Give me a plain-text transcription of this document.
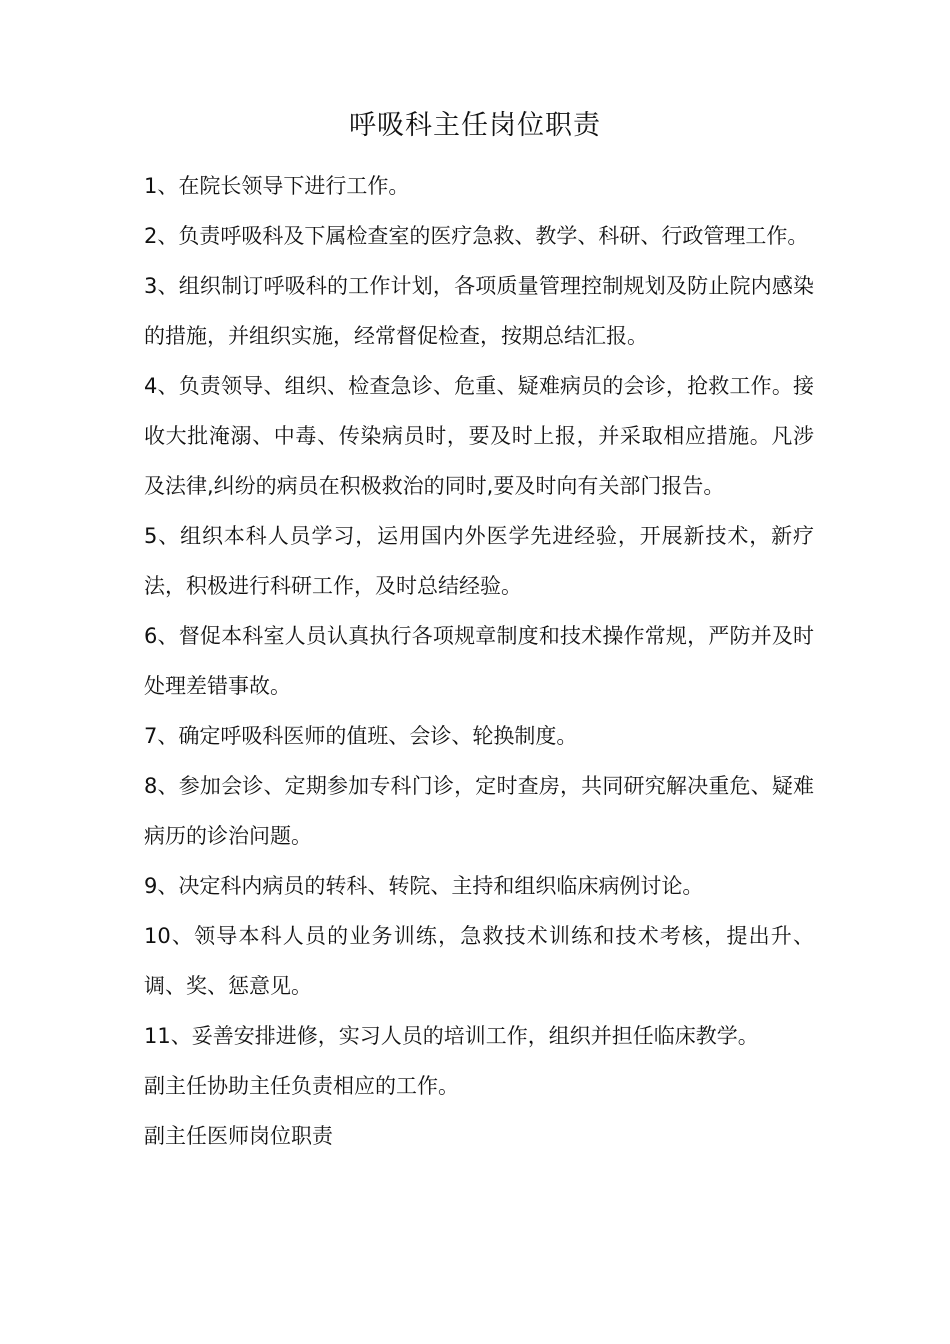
呼吸科主任岗位职责

1、在院长领导下进行工作。

2、负责呼吸科及下属检查室的医疗急救、教学、科研、行政管理工作。

3、组织制订呼吸科的工作计划，各项质量管理控制规划及防止院内感染的措施，并组织实施，经常督促检查，按期总结汇报。

4、负责领导、组织、检查急诊、危重、疑难病员的会诊，抢救工作。接收大批淹溺、中毒、传染病员时，要及时上报，并采取相应措施。凡涉及法律,纠纷的病员在积极救治的同时,要及时向有关部门报告。

5、组织本科人员学习，运用国内外医学先进经验，开展新技术，新疗法，积极进行科研工作，及时总结经验。

6、督促本科室人员认真执行各项规章制度和技术操作常规，严防并及时处理差错事故。

7、确定呼吸科医师的值班、会诊、轮换制度。

8、参加会诊、定期参加专科门诊，定时查房，共同研究解决重危、疑难病历的诊治问题。

9、决定科内病员的转科、转院、主持和组织临床病例讨论。

10、领导本科人员的业务训练，急救技术训练和技术考核，提出升、调、奖、惩意见。

11、妥善安排进修，实习人员的培训工作，组织并担任临床教学。

副主任协助主任负责相应的工作。

副主任医师岗位职责
